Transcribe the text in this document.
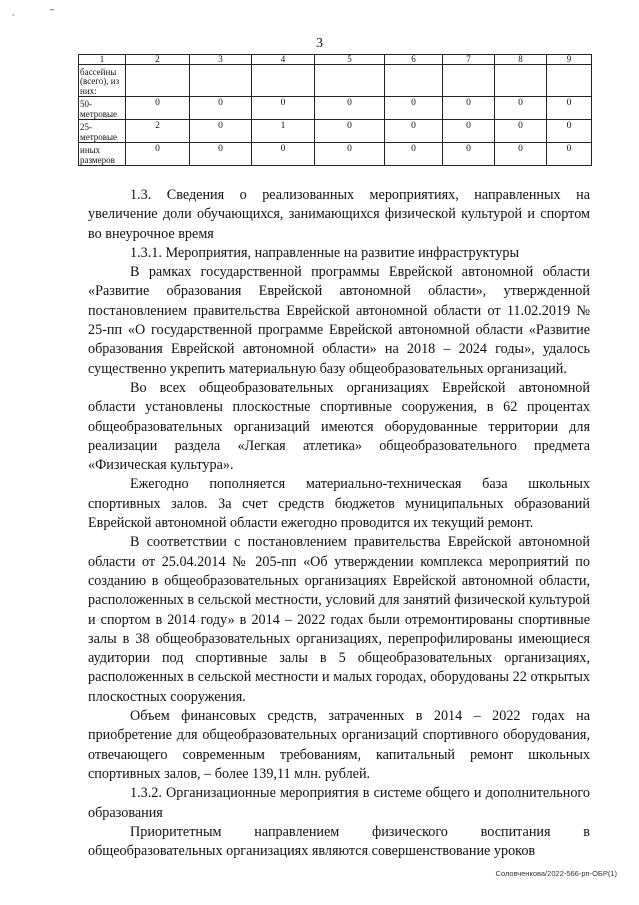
ˌ	‴
3
1	2	3	4	5	6	7	8	9
бассейны (всего), из них:								
50-метровые	0	0	0	0	0	0	0	0
25-метровые	2	0	1	0	0	0	0	0
иных размеров	0	0	0	0	0	0	0	0

1.3. Сведения о реализованных мероприятиях, направленных на увеличение доли обучающихся, занимающихся физической культурой и спортом во внеурочное время

1.3.1. Мероприятия, направленные на развитие инфраструктуры

В рамках государственной программы Еврейской автономной области «Развитие образования Еврейской автономной области», утвержденной постановлением правительства Еврейской автономной области от 11.02.2019 № 25-пп «О государственной программе Еврейской автономной области «Развитие образования Еврейской автономной области» на 2018 – 2024 годы», удалось существенно укрепить материальную базу общеобразовательных организаций.

Во всех общеобразовательных организациях Еврейской автономной области установлены плоскостные спортивные сооружения, в 62 процентах общеобразовательных организаций имеются оборудованные территории для реализации раздела «Легкая атлетика» общеобразовательного предмета «Физическая культура».

Ежегодно пополняется материально-техническая база школьных спортивных залов. За счет средств бюджетов муниципальных образований Еврейской автономной области ежегодно проводится их текущий ремонт.

В соответствии с постановлением правительства Еврейской автономной области от 25.04.2014 № 205-пп «Об утверждении комплекса мероприятий по созданию в общеобразовательных организациях Еврейской автономной области, расположенных в сельской местности, условий для занятий физической культурой и спортом в 2014 году» в 2014 – 2022 годах были отремонтированы спортивные залы в 38 общеобразовательных организациях, перепрофилированы имеющиеся аудитории под спортивные залы в 5 общеобразовательных организациях, расположенных в сельской местности и малых городах, оборудованы 22 открытых плоскостных сооружения.

Объем финансовых средств, затраченных в 2014 – 2022 годах на приобретение для общеобразовательных организаций спортивного оборудования, отвечающего современным требованиям, капитальный ремонт школьных спортивных залов, – более 139,11 млн. рублей.

1.3.2. Организационные мероприятия в системе общего и дополнительного образования

Приоритетным направлением физического воспитания в общеобразовательных организациях являются совершенствование уроков

Соловченкова/2022-566-рп-ОБР(1)
